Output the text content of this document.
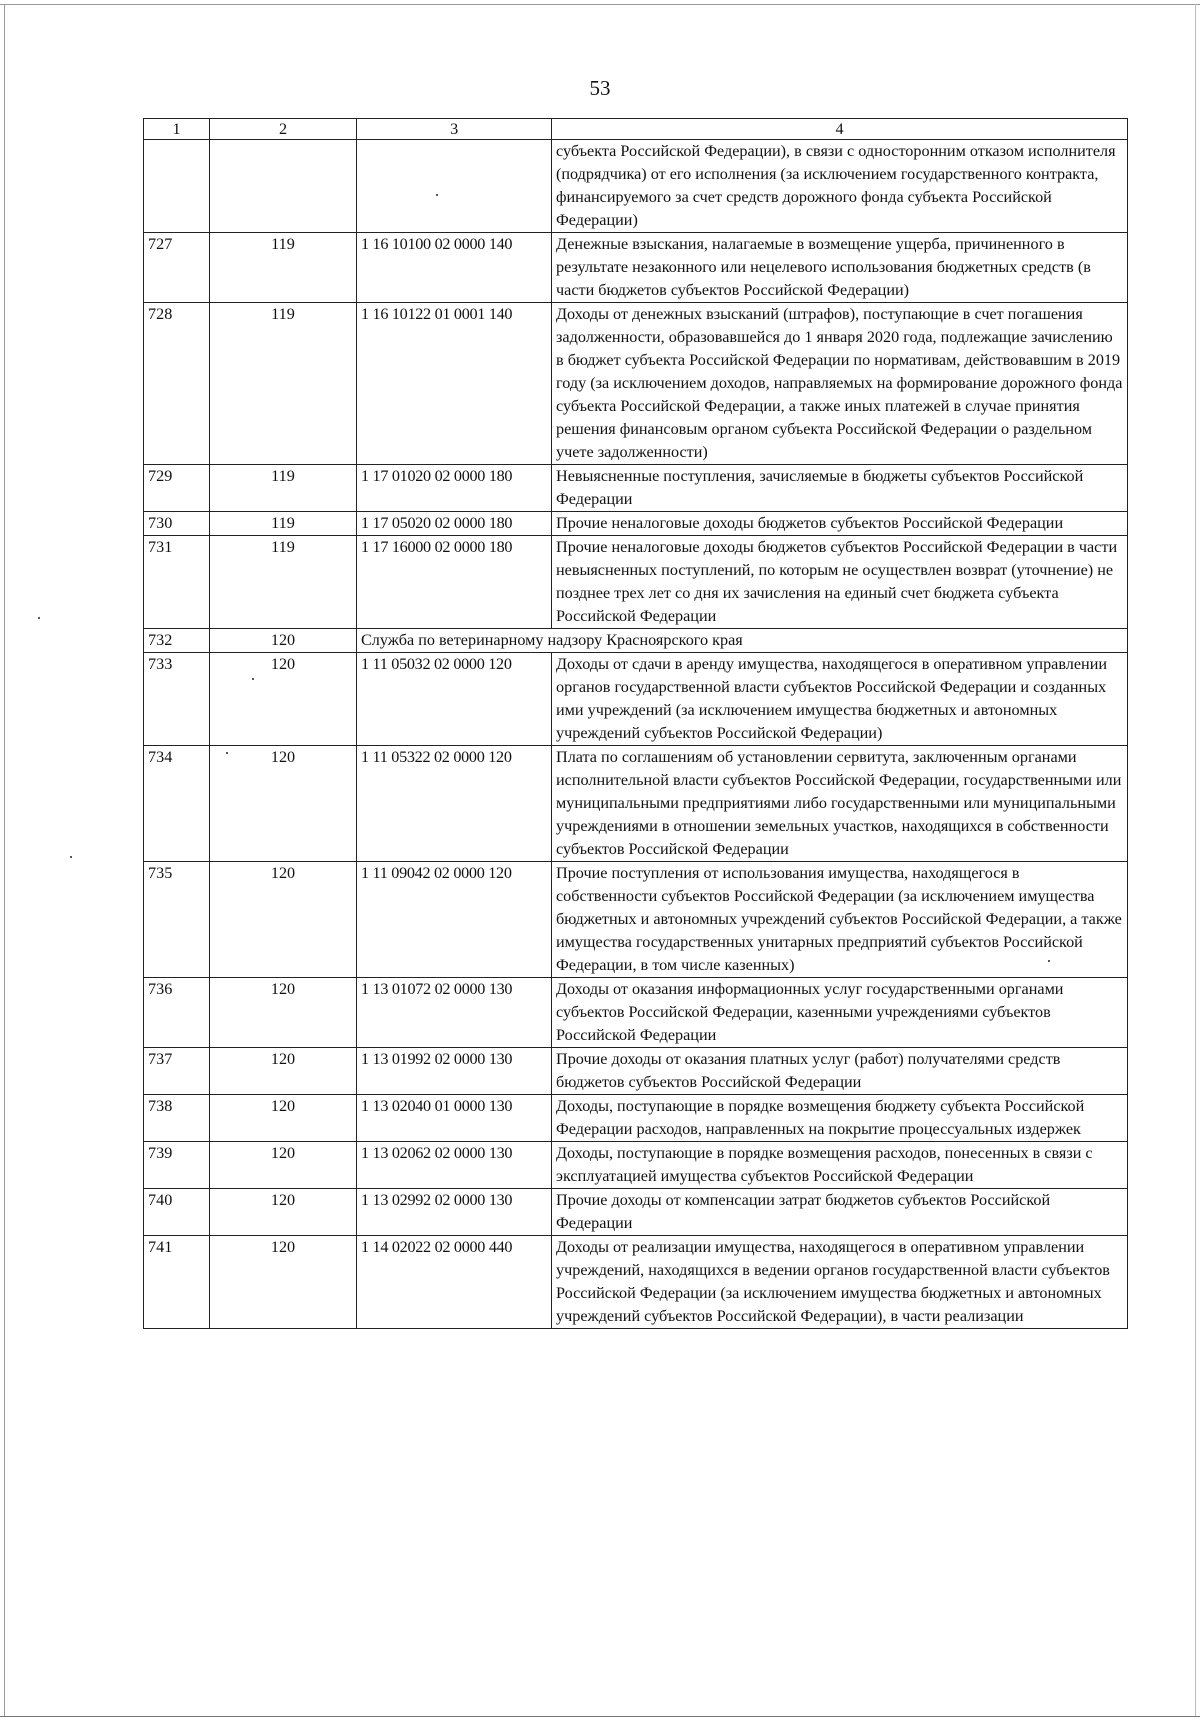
53
1	2	3	4
			субъекта Российской Федерации), в связи с односторонним отказом исполнителя (подрядчика) от его исполнения (за исключением государственного контракта, финансируемого за счет средств дорожного фонда субъекта Российской Федерации)
727	119	1 16 10100 02 0000 140	Денежные взыскания, налагаемые в возмещение ущерба, причиненного в результате незаконного или нецелевого использования бюджетных средств (в части бюджетов субъектов Российской Федерации)
728	119	1 16 10122 01 0001 140	Доходы от денежных взысканий (штрафов), поступающие в счет погашения задолженности, образовавшейся до 1 января 2020 года, подлежащие зачислению в бюджет субъекта Российской Федерации по нормативам, действовавшим в 2019 году (за исключением доходов, направляемых на формирование дорожного фонда субъекта Российской Федерации, а также иных платежей в случае принятия решения финансовым органом субъекта Российской Федерации о раздельном учете задолженности)
729	119	1 17 01020 02 0000 180	Невыясненные поступления, зачисляемые в бюджеты субъектов Российской Федерации
730	119	1 17 05020 02 0000 180	Прочие неналоговые доходы бюджетов субъектов Российской Федерации
731	119	1 17 16000 02 0000 180	Прочие неналоговые доходы бюджетов субъектов Российской Федерации в части невыясненных поступлений, по которым не осуществлен возврат (уточнение) не позднее трех лет со дня их зачисления на единый счет бюджета субъекта Российской Федерации
732	120	Служба по ветеринарному надзору Красноярского края	
733	120	1 11 05032 02 0000 120	Доходы от сдачи в аренду имущества, находящегося в оперативном управлении органов государственной власти субъектов Российской Федерации и созданных ими учреждений (за исключением имущества бюджетных и автономных учреждений субъектов Российской Федерации)
734	120	1 11 05322 02 0000 120	Плата по соглашениям об установлении сервитута, заключенным органами исполнительной власти субъектов Российской Федерации, государственными или муниципальными предприятиями либо государственными или муниципальными учреждениями в отношении земельных участков, находящихся в собственности субъектов Российской Федерации
735	120	1 11 09042 02 0000 120	Прочие поступления от использования имущества, находящегося в собственности субъектов Российской Федерации (за исключением имущества бюджетных и автономных учреждений субъектов Российской Федерации, а также имущества государственных унитарных предприятий субъектов Российской Федерации, в том числе казенных)
736	120	1 13 01072 02 0000 130	Доходы от оказания информационных услуг государственными органами субъектов Российской Федерации, казенными учреждениями субъектов Российской Федерации
737	120	1 13 01992 02 0000 130	Прочие доходы от оказания платных услуг (работ) получателями средств бюджетов субъектов Российской Федерации
738	120	1 13 02040 01 0000 130	Доходы, поступающие в порядке возмещения бюджету субъекта Российской Федерации расходов, направленных на покрытие процессуальных издержек
739	120	1 13 02062 02 0000 130	Доходы, поступающие в порядке возмещения расходов, понесенных в связи с эксплуатацией имущества субъектов Российской Федерации
740	120	1 13 02992 02 0000 130	Прочие доходы от компенсации затрат бюджетов субъектов Российской Федерации
741	120	1 14 02022 02 0000 440	Доходы от реализации имущества, находящегося в оперативном управлении учреждений, находящихся в ведении органов государственной власти субъектов Российской Федерации (за исключением имущества бюджетных и автономных учреждений субъектов Российской Федерации), в части реализации
